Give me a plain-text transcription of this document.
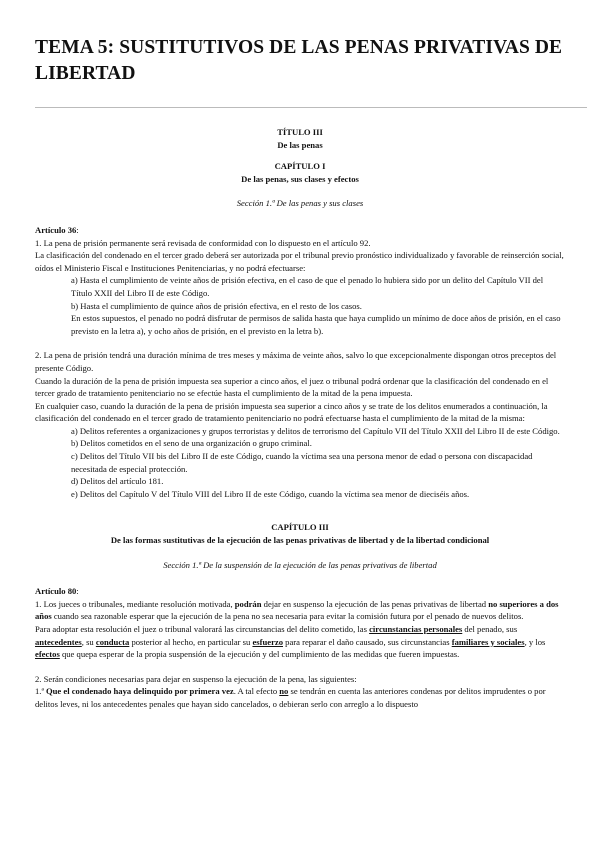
TEMA 5: SUSTITUTIVOS DE LAS PENAS PRIVATIVAS DE LIBERTAD

TÍTULO III

De las penas

CAPÍTULO I

De las penas, sus clases y efectos

Sección 1.ª De las penas y sus clases

Artículo 36:

1. La pena de prisión permanente será revisada de conformidad con lo dispuesto en el artículo 92.

La clasificación del condenado en el tercer grado deberá ser autorizada por el tribunal previo pronóstico individualizado y favorable de reinserción social, oídos el Ministerio Fiscal e Instituciones Penitenciarias, y no podrá efectuarse:

a) Hasta el cumplimiento de veinte años de prisión efectiva, en el caso de que el penado lo hubiera sido por un delito del Capítulo VII del Título XXII del Libro II de este Código.

b) Hasta el cumplimiento de quince años de prisión efectiva, en el resto de los casos.

En estos supuestos, el penado no podrá disfrutar de permisos de salida hasta que haya cumplido un mínimo de doce años de prisión, en el caso previsto en la letra a), y ocho años de prisión, en el previsto en la letra b).

2. La pena de prisión tendrá una duración mínima de tres meses y máxima de veinte años, salvo lo que excepcionalmente dispongan otros preceptos del presente Código.

Cuando la duración de la pena de prisión impuesta sea superior a cinco años, el juez o tribunal podrá ordenar que la clasificación del condenado en el tercer grado de tratamiento penitenciario no se efectúe hasta el cumplimiento de la mitad de la pena impuesta.

En cualquier caso, cuando la duración de la pena de prisión impuesta sea superior a cinco años y se trate de los delitos enumerados a continuación, la clasificación del condenado en el tercer grado de tratamiento penitenciario no podrá efectuarse hasta el cumplimiento de la mitad de la misma:

a) Delitos referentes a organizaciones y grupos terroristas y delitos de terrorismo del Capítulo VII del Título XXII del Libro II de este Código.

b) Delitos cometidos en el seno de una organización o grupo criminal.

c) Delitos del Título VII bis del Libro II de este Código, cuando la víctima sea una persona menor de edad o persona con discapacidad necesitada de especial protección.

d) Delitos del artículo 181.

e) Delitos del Capítulo V del Título VIII del Libro II de este Código, cuando la víctima sea menor de dieciséis años.

CAPÍTULO III

De las formas sustitutivas de la ejecución de las penas privativas de libertad y de la libertad condicional

Sección 1.ª De la suspensión de la ejecución de las penas privativas de libertad

Artículo 80:

1. Los jueces o tribunales, mediante resolución motivada, podrán dejar en suspenso la ejecución de las penas privativas de libertad no superiores a dos años cuando sea razonable esperar que la ejecución de la pena no sea necesaria para evitar la comisión futura por el penado de nuevos delitos.

Para adoptar esta resolución el juez o tribunal valorará las circunstancias del delito cometido, las circunstancias personales del penado, sus antecedentes, su conducta posterior al hecho, en particular su esfuerzo para reparar el daño causado, sus circunstancias familiares y sociales, y los efectos que quepa esperar de la propia suspensión de la ejecución y del cumplimiento de las medidas que fueren impuestas.

2. Serán condiciones necesarias para dejar en suspenso la ejecución de la pena, las siguientes:

1.ª Que el condenado haya delinquido por primera vez. A tal efecto no se tendrán en cuenta las anteriores condenas por delitos imprudentes o por delitos leves, ni los antecedentes penales que hayan sido cancelados, o debieran serlo con arreglo a lo dispuesto
